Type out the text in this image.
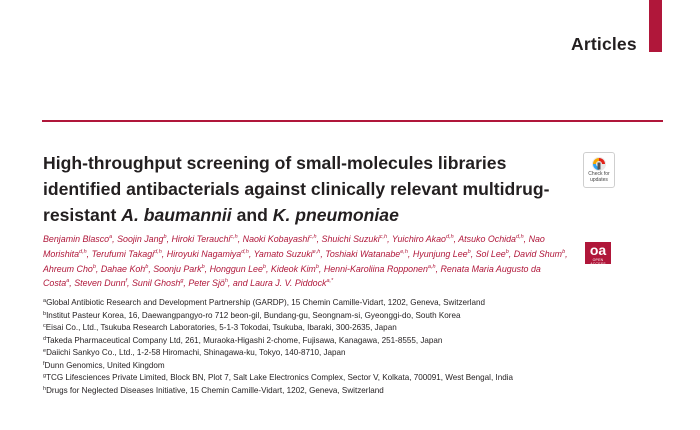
Articles
High-throughput screening of small-molecules libraries identified antibacterials against clinically relevant multidrug-resistant A. baumannii and K. pneumoniae
Check for updates
oa
OPEN ACCESS
Benjamin Blasco$^a$, Soojin Jang$^b$, Hiroki Terauchi$^{c,h}$, Naoki Kobayashi$^{c,h}$, Shuichi Suzuki$^{c,h}$, Yuichiro Akao$^{d,h}$, Atsuko Ochida$^{d,h}$, Nao Morishita$^{d,h}$, Terufumi Takagi$^{d,h}$, Hiroyuki Nagamiya$^{d,h}$, Yamato Suzuki$^{e,h}$, Toshiaki Watanabe$^{e,h}$, Hyunjung Lee$^b$, Sol Lee$^b$, David Shum$^b$, Ahreum Cho$^b$, Dahae Koh$^b$, Soonju Park$^b$, Honggun Lee$^b$, Kideok Kim$^b$, Henni-Karoliina Ropponen$^{a,h}$, Renata Maria Augusto da Costa$^a$, Steven Dunn$^f$, Sunil Ghosh$^g$, Peter Sjö$^h$, and Laura J. V. Piddock$^{a,*}$
$^a$Global Antibiotic Research and Development Partnership (GARDP), 15 Chemin Camille-Vidart, 1202, Geneva, Switzerland
$^b$Institut Pasteur Korea, 16, Daewangpangyo-ro 712 beon-gil, Bundang-gu, Seongnam-si, Gyeonggi-do, South Korea
$^c$Eisai Co., Ltd., Tsukuba Research Laboratories, 5-1-3 Tokodai, Tsukuba, Ibaraki, 300-2635, Japan
$^d$Takeda Pharmaceutical Company Ltd, 261, Muraoka-Higashi 2-chome, Fujisawa, Kanagawa, 251-8555, Japan
$^e$Daiichi Sankyo Co., Ltd., 1-2-58 Hiromachi, Shinagawa-ku, Tokyo, 140-8710, Japan
$^f$Dunn Genomics, United Kingdom
$^g$TCG Lifesciences Private Limited, Block BN, Plot 7, Salt Lake Electronics Complex, Sector V, Kolkata, 700091, West Bengal, India
$^h$Drugs for Neglected Diseases Initiative, 15 Chemin Camille-Vidart, 1202, Geneva, Switzerland
